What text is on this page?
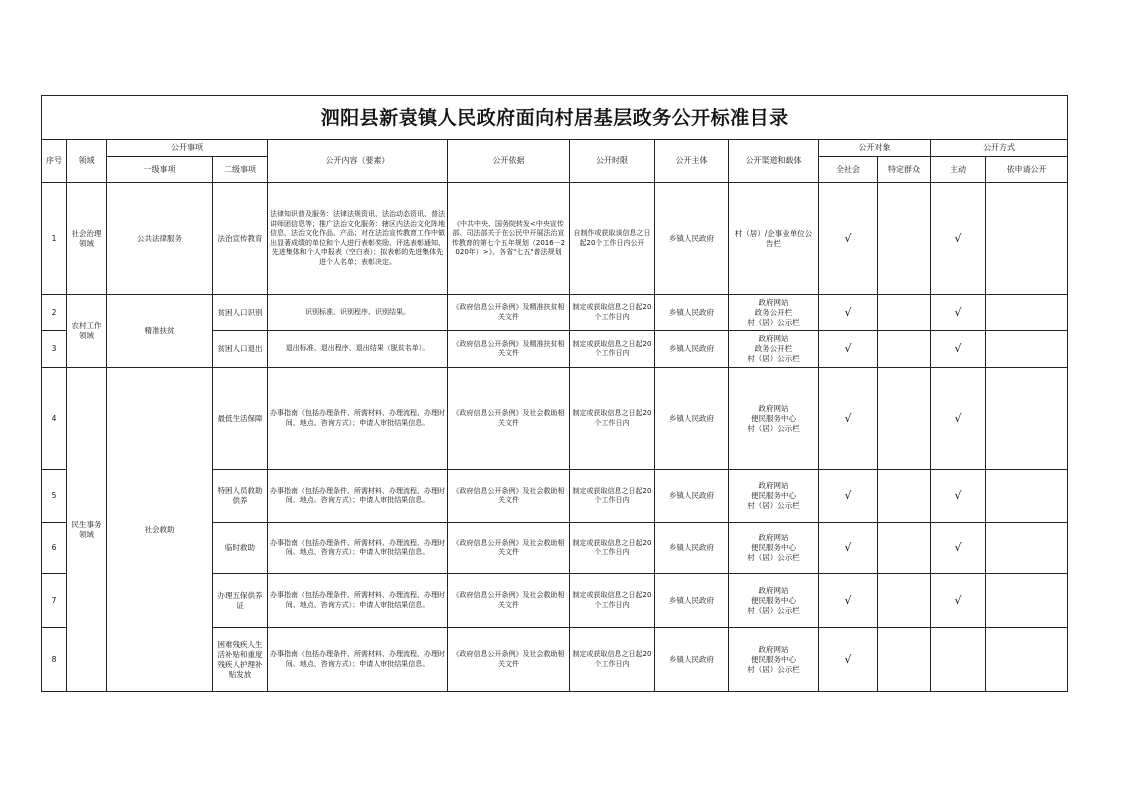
泗阳县新袁镇人民政府面向村居基层政务公开标准目录												
序号	领域	公开事项		公开内容（要素）	公开依据	公开时限	公开主体	公开渠道和载体	公开对象		公开方式	
		一级事项	二级事项						全社会	特定群众	主动	依申请公开
1	社会治理领域	公共法律服务	法治宣传教育	法律知识普及服务：法律法规资讯、法治动态资讯、普法讲师团信息等；推广法治文化服务：辖区内法治文化阵地信息，法治文化作品、产品；对在法治宣传教育工作中做出显著成绩的单位和个人进行表彰奖励，评选表彰通知、先进集体和个人申报表（空白表）；拟表彰的先进集体先进个人名单；表彰决定。	《中共中央、国务院转发<中央宣传部、司法部关于在公民中开展法治宣传教育的第七个五年规划（2016－2020年）>》、各省"七五"普法规划	自制作或获取该信息之日起20个工作日内公开	乡镇人民政府	村（居）/企事业单位公告栏	√		√	
2	农村工作领域	精准扶贫	贫困人口识别	识别标准、识别程序、识别结果。	《政府信息公开条例》及精准扶贫相关文件	制定或获取信息之日起20个工作日内	乡镇人民政府	政府网站
政务公开栏
村（居）公示栏	√		√	
3			贫困人口退出	退出标准、退出程序、退出结果（脱贫名单）。	《政府信息公开条例》及精准扶贫相关文件	制定或获取信息之日起20个工作日内	乡镇人民政府	政府网站
政务公开栏
村（居）公示栏	√		√	
4	民生事务领域	社会救助	最低生活保障	办事指南（包括办理条件、所需材料、办理流程、办理时间、地点、咨询方式）；申请人审批结果信息。	《政府信息公开条例》及社会救助相关文件	制定或获取信息之日起20个工作日内	乡镇人民政府	政府网站
便民服务中心
村（居）公示栏	√		√	
5			特困人员救助供养	办事指南（包括办理条件、所需材料、办理流程、办理时间、地点、咨询方式）；申请人审批结果信息。	《政府信息公开条例》及社会救助相关文件	制定或获取信息之日起20个工作日内	乡镇人民政府	政府网站
便民服务中心
村（居）公示栏	√		√	
6			临时救助	办事指南（包括办理条件、所需材料、办理流程、办理时间、地点、咨询方式）；申请人审批结果信息。	《政府信息公开条例》及社会救助相关文件	制定或获取信息之日起20个工作日内	乡镇人民政府	政府网站
便民服务中心
村（居）公示栏	√		√	
7			办理五保供养证	办事指南（包括办理条件、所需材料、办理流程、办理时间、地点、咨询方式）；申请人审批结果信息。	《政府信息公开条例》及社会救助相关文件	制定或获取信息之日起20个工作日内	乡镇人民政府	政府网站
便民服务中心
村（居）公示栏	√		√	
8			困难残疾人生活补贴和重度残疾人护理补贴发放	办事指南（包括办理条件、所需材料、办理流程、办理时间、地点、咨询方式）；申请人审批结果信息。	《政府信息公开条例》及社会救助相关文件	制定或获取信息之日起20个工作日内	乡镇人民政府	政府网站
便民服务中心
村（居）公示栏	√			
